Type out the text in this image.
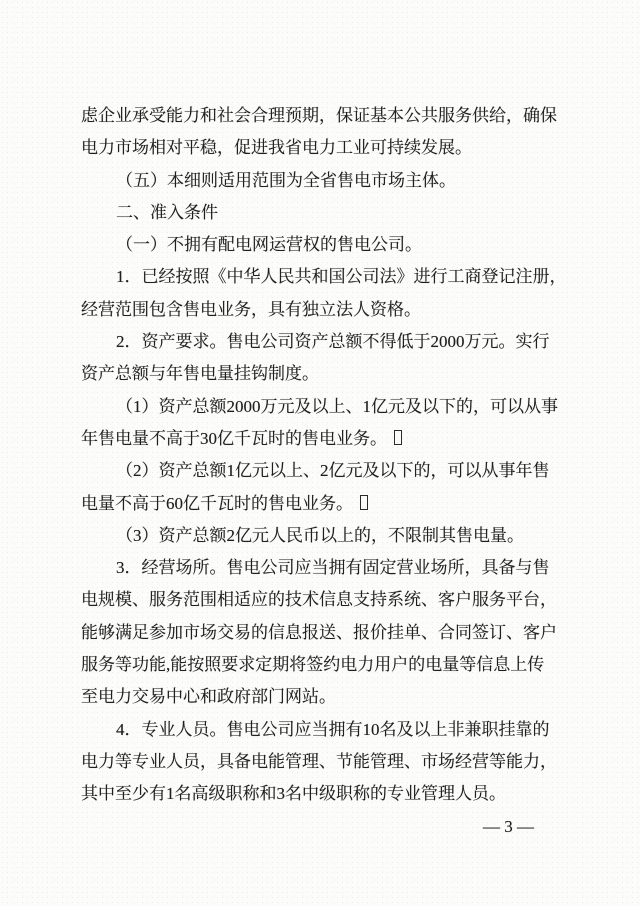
虑企业承受能力和社会合理预期，保证基本公共服务供给，确保
电力市场相对平稳，促进我省电力工业可持续发展。
（五）本细则适用范围为全省售电市场主体。
二、准入条件
（一）不拥有配电网运营权的售电公司。
1．已经按照《中华人民共和国公司法》进行工商登记注册，
经营范围包含售电业务，具有独立法人资格。
2．资产要求。售电公司资产总额不得低于2000万元。实行
资产总额与年售电量挂钩制度。
（1）资产总额2000万元及以上、1亿元及以下的，可以从事
年售电量不高于30亿千瓦时的售电业务。
（2）资产总额1亿元以上、2亿元及以下的，可以从事年售
电量不高于60亿千瓦时的售电业务。
（3）资产总额2亿元人民币以上的，不限制其售电量。
3．经营场所。售电公司应当拥有固定营业场所，具备与售
电规模、服务范围相适应的技术信息支持系统、客户服务平台，
能够满足参加市场交易的信息报送、报价挂单、合同签订、客户
服务等功能,能按照要求定期将签约电力用户的电量等信息上传
至电力交易中心和政府部门网站。
4．专业人员。售电公司应当拥有10名及以上非兼职挂靠的
电力等专业人员，具备电能管理、节能管理、市场经营等能力，
其中至少有1名高级职称和3名中级职称的专业管理人员。
— 3 —
